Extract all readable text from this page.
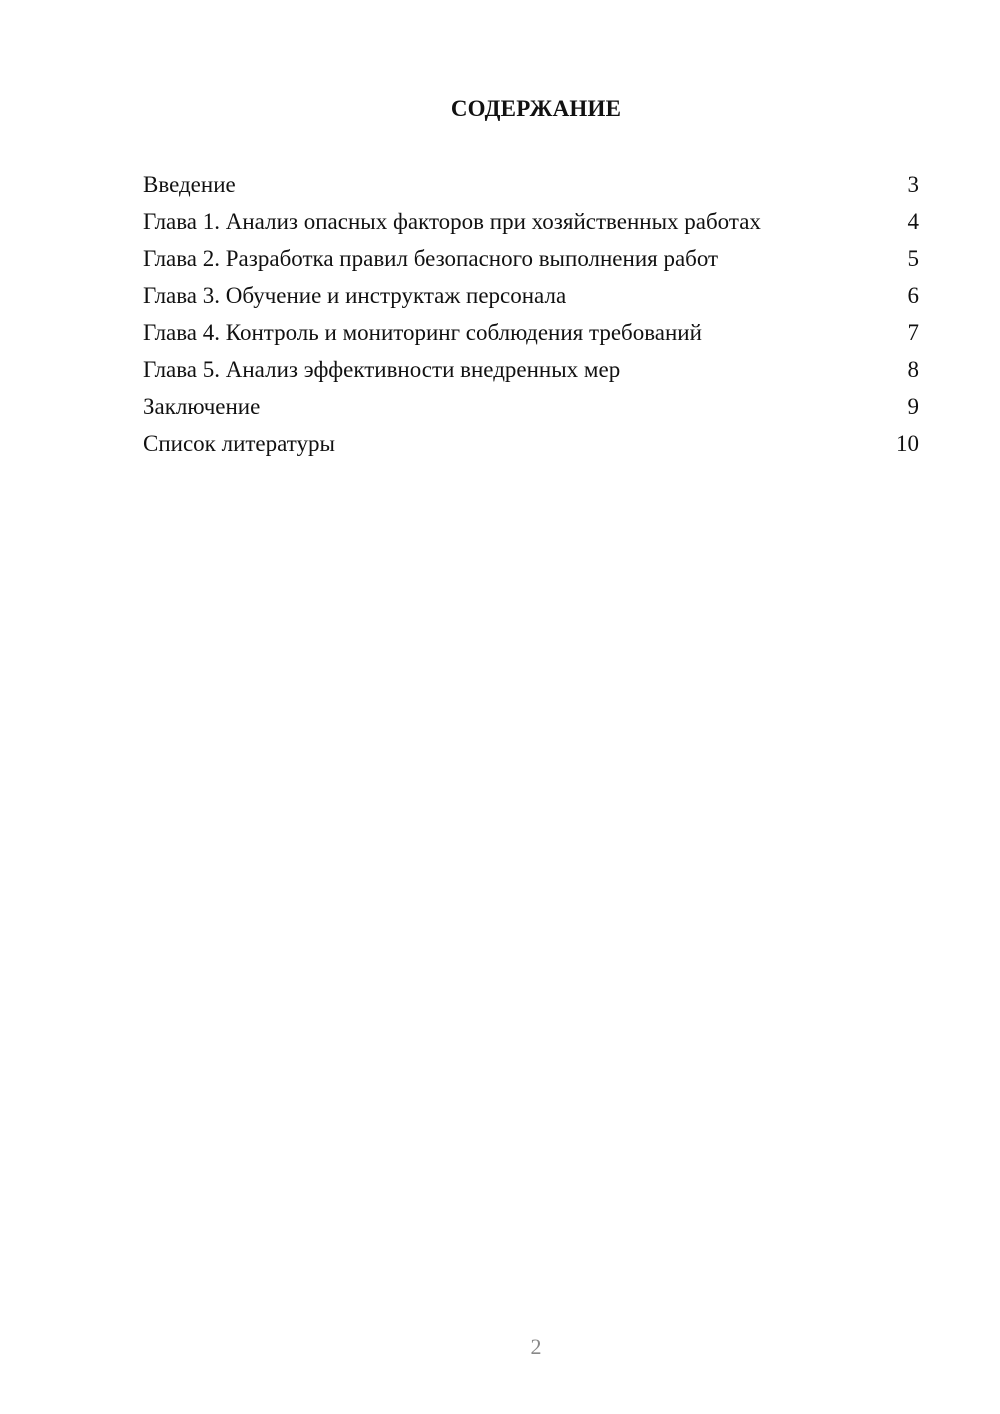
СОДЕРЖАНИЕ
Введение	3
Глава 1. Анализ опасных факторов при хозяйственных работах	4
Глава 2. Разработка правил безопасного выполнения работ	5
Глава 3. Обучение и инструктаж персонала	6
Глава 4. Контроль и мониторинг соблюдения требований	7
Глава 5. Анализ эффективности внедренных мер	8
Заключение	9
Список литературы	10
2
